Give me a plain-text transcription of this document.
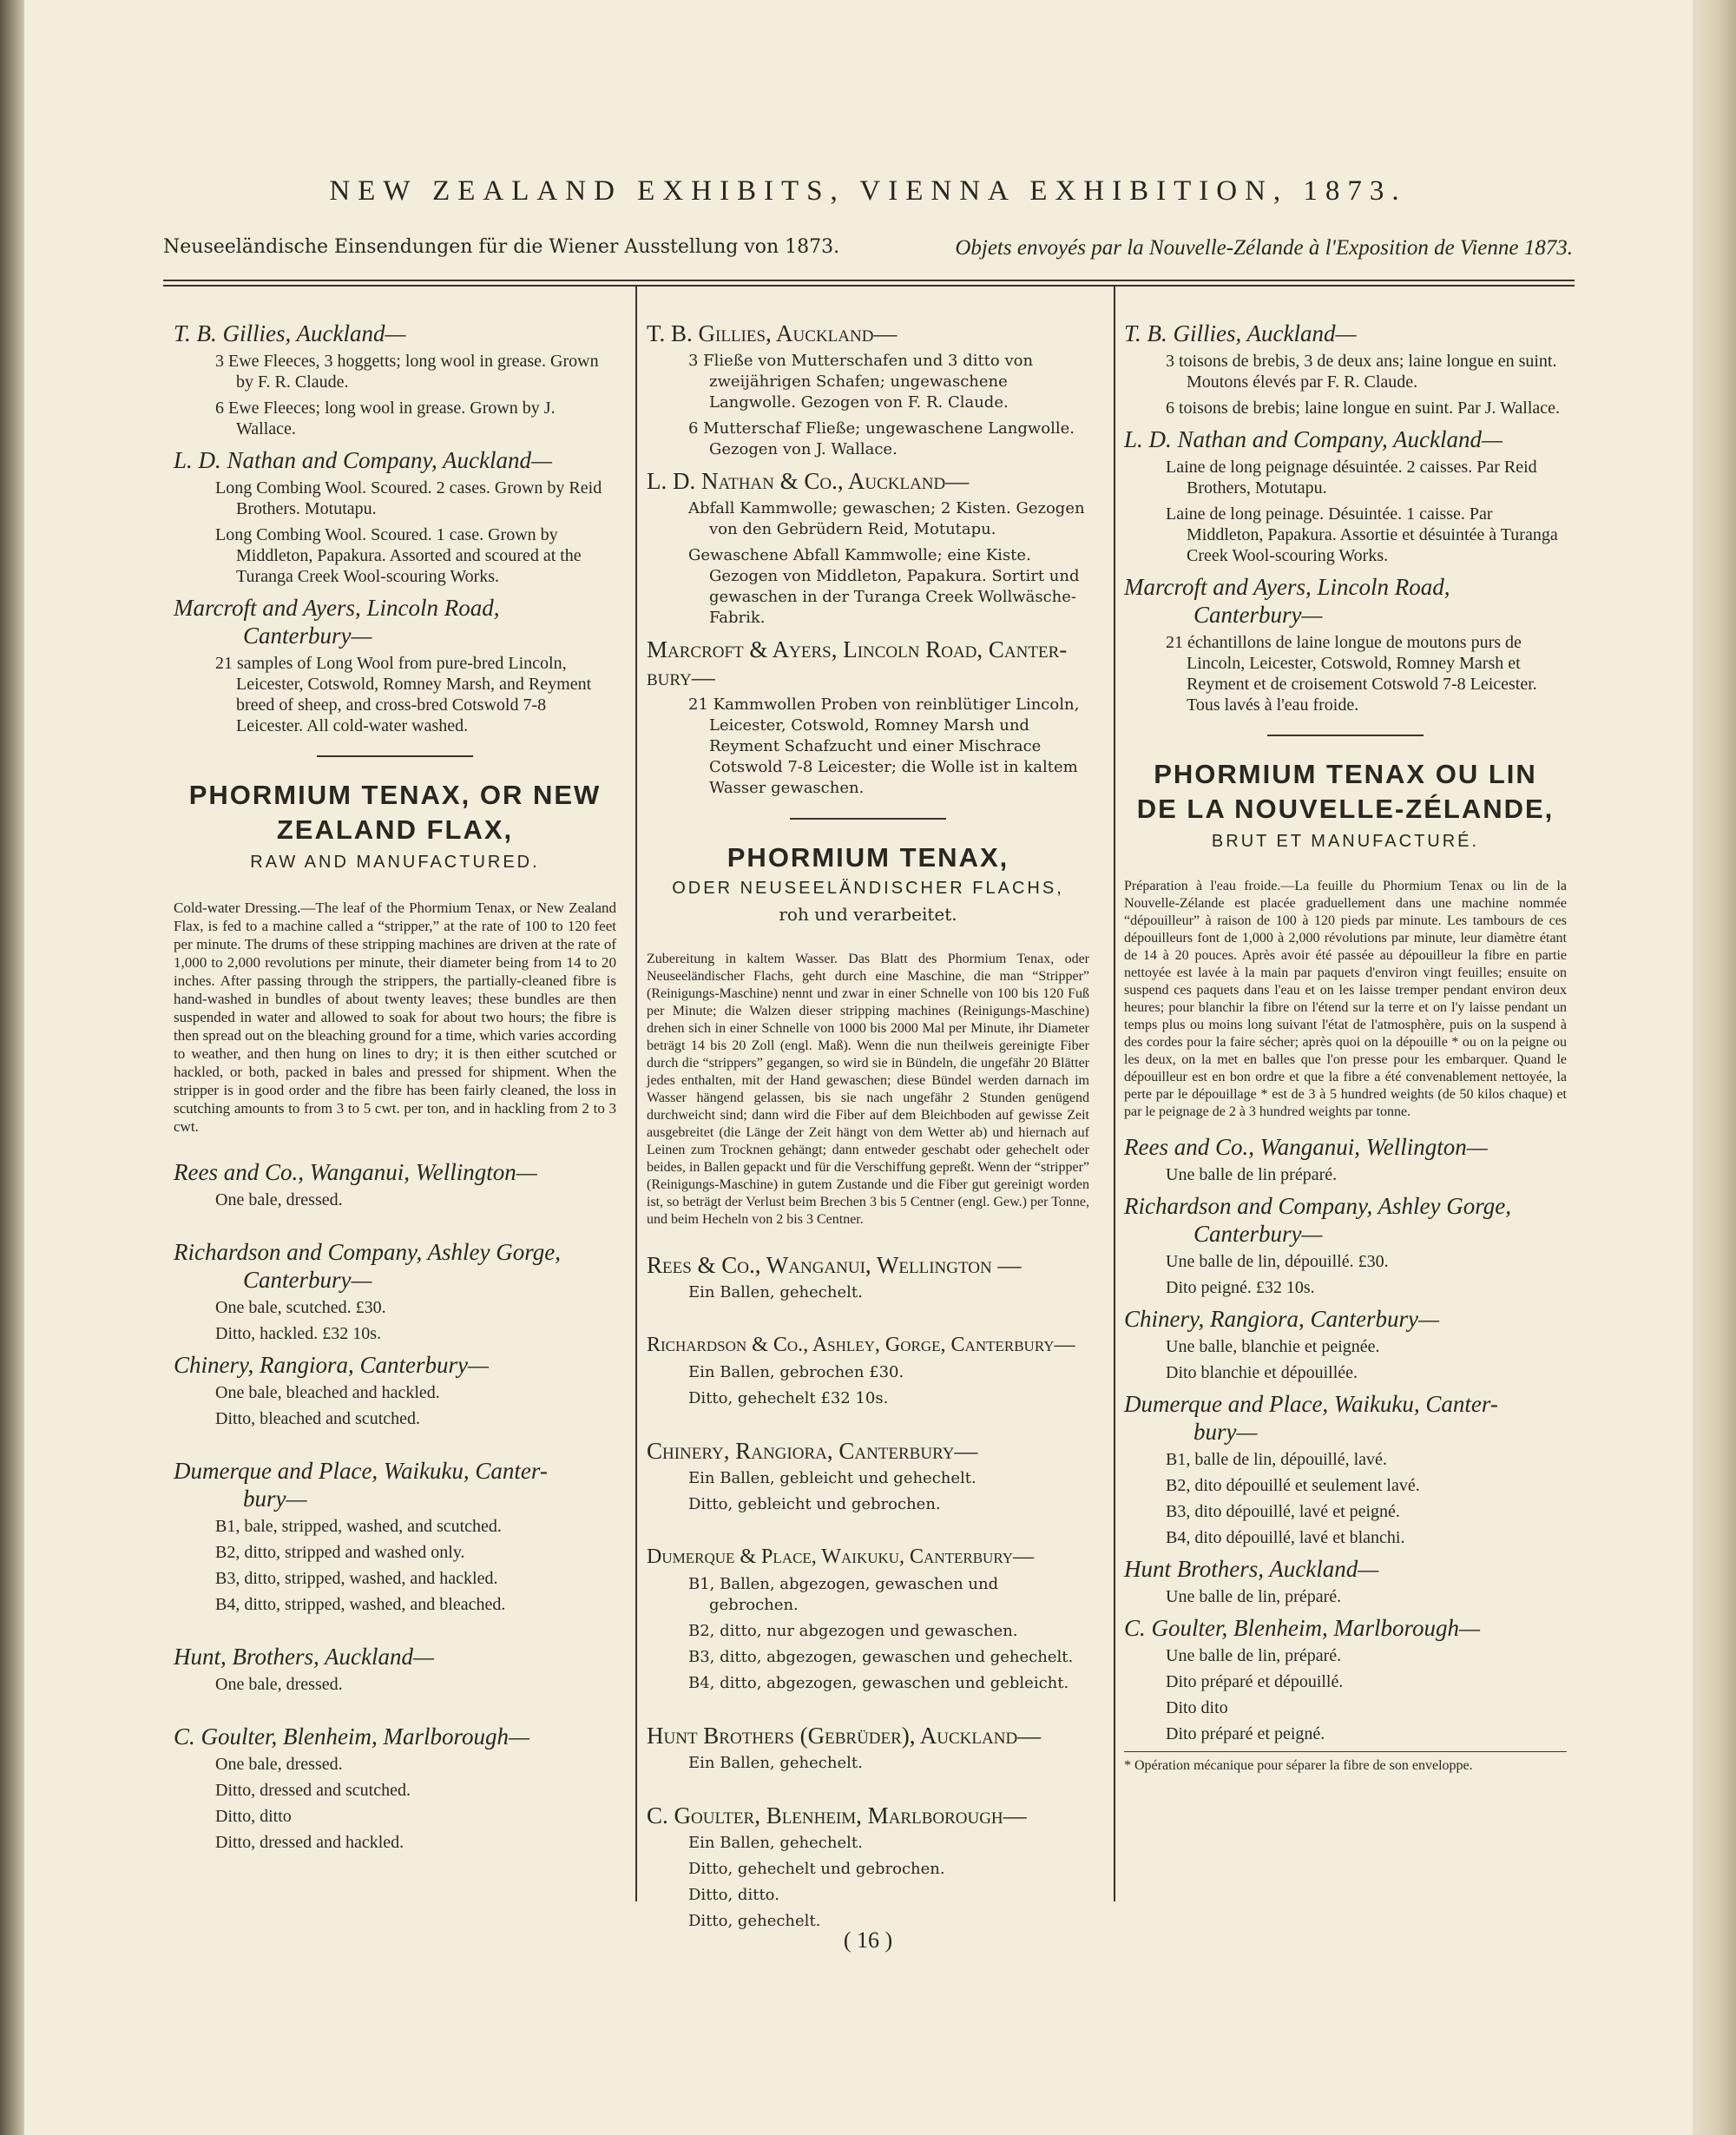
NEW ZEALAND EXHIBITS, VIENNA EXHIBITION, 1873.
Neuseeländische Einsendungen für die Wiener Ausstellung von 1873.	Objets envoyés par la Nouvelle-Zélande à l'Exposition de Vienne 1873.
T. B. Gillies, Auckland—

3 Ewe Fleeces, 3 hoggetts; long wool in grease. Grown by F. R. Claude.

6 Ewe Fleeces; long wool in grease. Grown by J. Wallace.

L. D. Nathan and Company, Auckland—

Long Combing Wool. Scoured. 2 cases. Grown by Reid Brothers. Motutapu.

Long Combing Wool. Scoured. 1 case. Grown by Middleton, Papakura. Assorted and scoured at the Turanga Creek Wool-scouring Works.

Marcroft and Ayers, Lincoln Road,
Canterbury—

21 samples of Long Wool from pure-bred Lincoln, Leicester, Cotswold, Romney Marsh, and Reyment breed of sheep, and cross-bred Cotswold 7-8 Leicester. All cold-water washed.

PHORMIUM TENAX, OR NEW
ZEALAND FLAX,
RAW AND MANUFACTURED.
Cold-water Dressing.—The leaf of the Phormium Tenax, or New Zealand Flax, is fed to a machine called a “stripper,” at the rate of 100 to 120 feet per minute. The drums of these stripping machines are driven at the rate of 1,000 to 2,000 revolutions per minute, their diameter being from 14 to 20 inches. After passing through the strippers, the partially-cleaned fibre is hand-washed in bundles of about twenty leaves; these bundles are then suspended in water and allowed to soak for about two hours; the fibre is then spread out on the bleaching ground for a time, which varies according to weather, and then hung on lines to dry; it is then either scutched or hackled, or both, packed in bales and pressed for shipment. When the stripper is in good order and the fibre has been fairly cleaned, the loss in scutching amounts to from 3 to 5 cwt. per ton, and in hackling from 2 to 3 cwt.
Rees and Co., Wanganui, Wellington—

One bale, dressed.

Richardson and Company, Ashley Gorge,
Canterbury—

One bale, scutched. £30.

Ditto, hackled. £32 10s.

Chinery, Rangiora, Canterbury—

One bale, bleached and hackled.

Ditto, bleached and scutched.

Dumerque and Place, Waikuku, Canter-
bury—

B1, bale, stripped, washed, and scutched.

B2, ditto, stripped and washed only.

B3, ditto, stripped, washed, and hackled.

B4, ditto, stripped, washed, and bleached.

Hunt, Brothers, Auckland—

One bale, dressed.

C. Goulter, Blenheim, Marlborough—

One bale, dressed.

Ditto, dressed and scutched.

Ditto, ditto

Ditto, dressed and hackled.

T. B. Gillies, Auckland—

3 Fließe von Mutterschafen und 3 ditto von zweijährigen Schafen; ungewaschene Langwolle. Gezogen von F. R. Claude.

6 Mutterschaf Fließe; ungewaschene Langwolle. Gezogen von J. Wallace.

L. D. Nathan & Co., Auckland—

Abfall Kammwolle; gewaschen; 2 Kisten. Gezogen von den Gebrüdern Reid, Motutapu.

Gewaschene Abfall Kammwolle; eine Kiste. Gezogen von Middleton, Papakura. Sortirt und gewaschen in der Turanga Creek Wollwäsche-Fabrik.

Marcroft & Ayers, Lincoln Road, Canter-
bury—

21 Kammwollen Proben von reinblütiger Lincoln, Leicester, Cotswold, Romney Marsh und Reyment Schafzucht und einer Mischrace Cotswold 7-8 Leicester; die Wolle ist in kaltem Wasser gewaschen.

PHORMIUM TENAX,
ODER NEUSEELÄNDISCHER FLACHS,
roh und verarbeitet.
Zubereitung in kaltem Wasser. Das Blatt des Phormium Tenax, oder Neuseeländischer Flachs, geht durch eine Maschine, die man “Stripper” (Reinigungs-Maschine) nennt und zwar in einer Schnelle von 100 bis 120 Fuß per Minute; die Walzen dieser stripping machines (Reinigungs-Maschine) drehen sich in einer Schnelle von 1000 bis 2000 Mal per Minute, ihr Diameter beträgt 14 bis 20 Zoll (engl. Maß). Wenn die nun theilweis gereinigte Fiber durch die “strippers” gegangen, so wird sie in Bündeln, die ungefähr 20 Blätter jedes enthalten, mit der Hand gewaschen; diese Bündel werden darnach im Wasser hängend gelassen, bis sie nach ungefähr 2 Stunden genügend durchweicht sind; dann wird die Fiber auf dem Bleichboden auf gewisse Zeit ausgebreitet (die Länge der Zeit hängt von dem Wetter ab) und hiernach auf Leinen zum Trocknen gehängt; dann entweder geschabt oder gehechelt oder beides, in Ballen gepackt und für die Verschiffung gepreßt. Wenn der “stripper” (Reinigungs-Maschine) in gutem Zustande und die Fiber gut gereinigt worden ist, so beträgt der Verlust beim Brechen 3 bis 5 Centner (engl. Gew.) per Tonne, und beim Hecheln von 2 bis 3 Centner.
Rees & Co., Wanganui, Wellington —

Ein Ballen, gehechelt.

Richardson & Co., Ashley, Gorge, Canterbury—

Ein Ballen, gebrochen £30.

Ditto, gehechelt £32 10s.

Chinery, Rangiora, Canterbury—

Ein Ballen, gebleicht und gehechelt.

Ditto, gebleicht und gebrochen.

Dumerque & Place, Waikuku, Canterbury—

B1, Ballen, abgezogen, gewaschen und gebrochen.

B2, ditto, nur abgezogen und gewaschen.

B3, ditto, abgezogen, gewaschen und gehechelt.

B4, ditto, abgezogen, gewaschen und gebleicht.

Hunt Brothers (Gebrüder), Auckland—

Ein Ballen, gehechelt.

C. Goulter, Blenheim, Marlborough—

Ein Ballen, gehechelt.

Ditto, gehechelt und gebrochen.

Ditto, ditto.

Ditto, gehechelt.

T. B. Gillies, Auckland—

3 toisons de brebis, 3 de deux ans; laine longue en suint. Moutons élevés par F. R. Claude.

6 toisons de brebis; laine longue en suint. Par J. Wallace.

L. D. Nathan and Company, Auckland—

Laine de long peignage désuintée. 2 caisses. Par Reid Brothers, Motutapu.

Laine de long peinage. Désuintée. 1 caisse. Par Middleton, Papakura. Assortie et désuintée à Turanga Creek Wool-scouring Works.

Marcroft and Ayers, Lincoln Road,
Canterbury—

21 échantillons de laine longue de moutons purs de Lincoln, Leicester, Cotswold, Romney Marsh et Reyment et de croisement Cotswold 7-8 Leicester. Tous lavés à l'eau froide.

PHORMIUM TENAX OU LIN
DE LA NOUVELLE-ZÉLANDE,
BRUT ET MANUFACTURÉ.
Préparation à l'eau froide.—La feuille du Phormium Tenax ou lin de la Nouvelle-Zélande est placée graduellement dans une machine nommée “dépouilleur” à raison de 100 à 120 pieds par minute. Les tambours de ces dépouilleurs font de 1,000 à 2,000 révolutions par minute, leur diamètre étant de 14 à 20 pouces. Après avoir été passée au dépouilleur la fibre en partie nettoyée est lavée à la main par paquets d'environ vingt feuilles; ensuite on suspend ces paquets dans l'eau et on les laisse tremper pendant environ deux heures; pour blanchir la fibre on l'étend sur la terre et on l'y laisse pendant un temps plus ou moins long suivant l'état de l'atmosphère, puis on la suspend à des cordes pour la faire sécher; après quoi on la dépouille * ou on la peigne ou les deux, on la met en balles que l'on presse pour les embarquer. Quand le dépouilleur est en bon ordre et que la fibre a été convenablement nettoyée, la perte par le dépouillage * est de 3 à 5 hundred weights (de 50 kilos chaque) et par le peignage de 2 à 3 hundred weights par tonne.
Rees and Co., Wanganui, Wellington—

Une balle de lin préparé.

Richardson and Company, Ashley Gorge,
Canterbury—

Une balle de lin, dépouillé. £30.

Dito peigné. £32 10s.

Chinery, Rangiora, Canterbury—

Une balle, blanchie et peignée.

Dito blanchie et dépouillée.

Dumerque and Place, Waikuku, Canter-
bury—

B1, balle de lin, dépouillé, lavé.

B2, dito dépouillé et seulement lavé.

B3, dito dépouillé, lavé et peigné.

B4, dito dépouillé, lavé et blanchi.

Hunt Brothers, Auckland—

Une balle de lin, préparé.

C. Goulter, Blenheim, Marlborough—

Une balle de lin, préparé.

Dito préparé et dépouillé.

Dito dito

Dito préparé et peigné.

* Opération mécanique pour séparer la fibre de son enveloppe.
( 16 )
